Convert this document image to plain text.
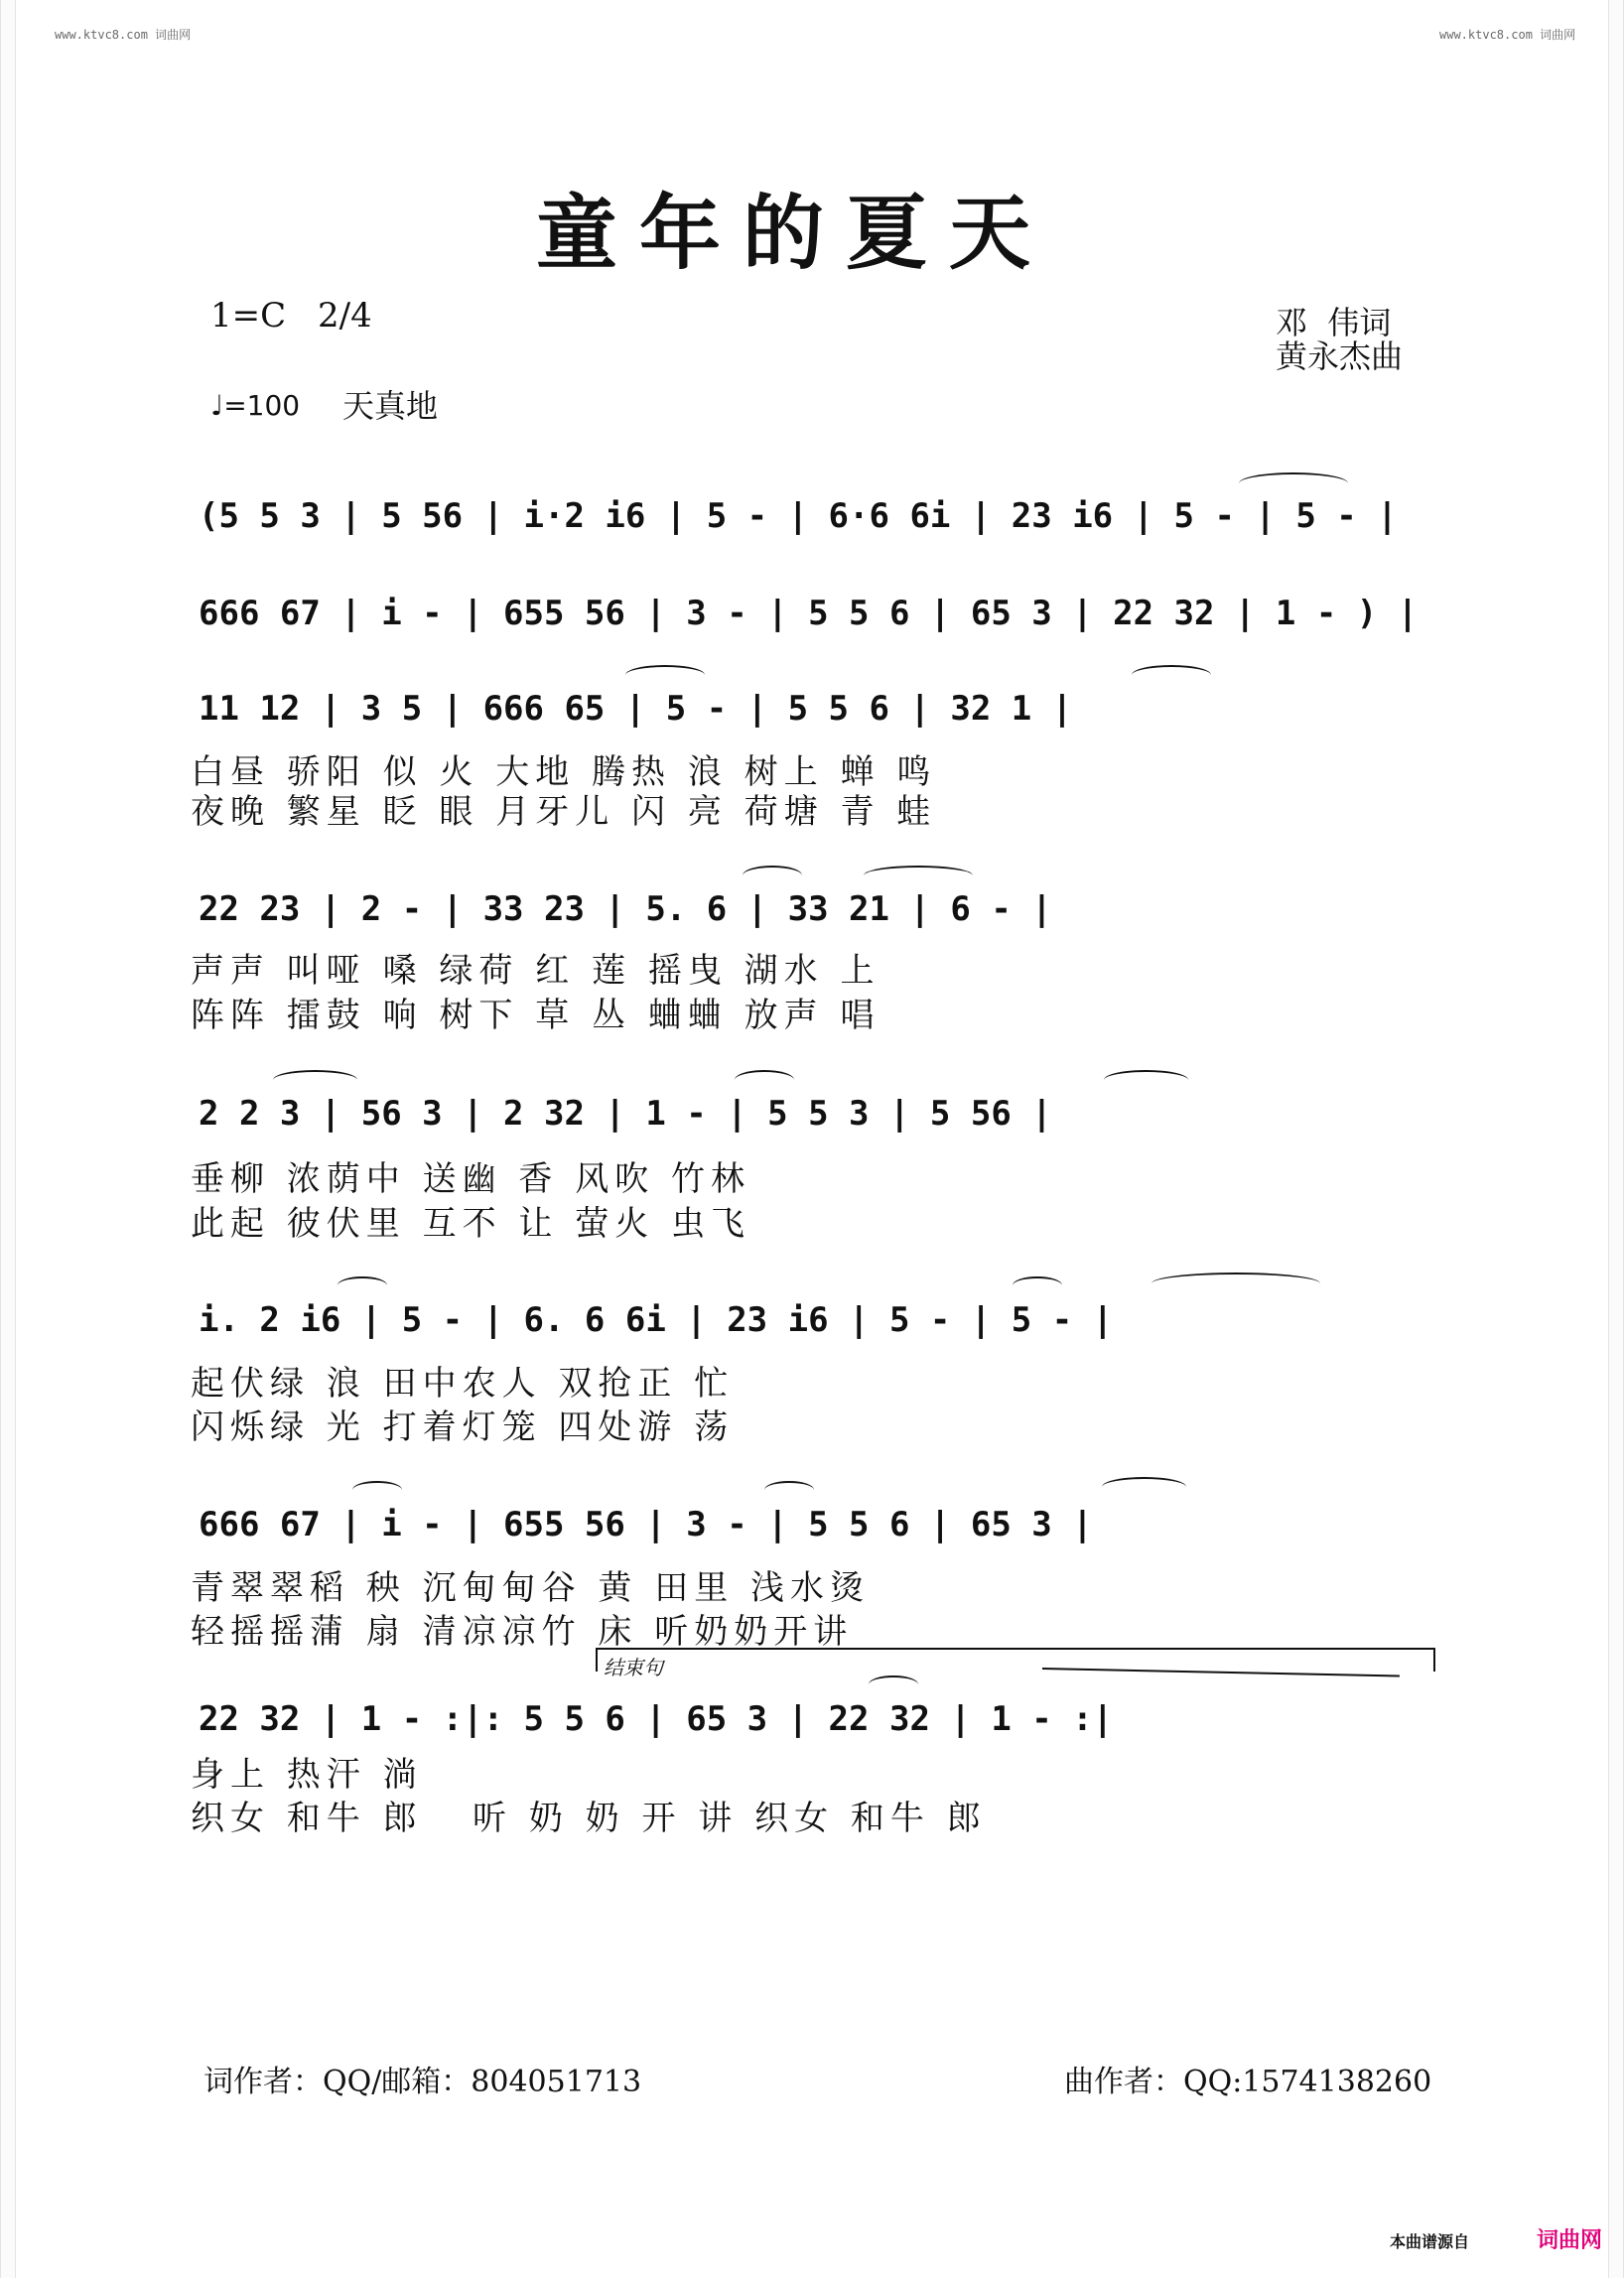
www.ktvc8.com 词曲网	www.ktvc8.com 词曲网
童年的夏天
1=C 2/4
♩=100 天真地
邓  伟词
黄永杰曲
(5 5 3 | 5 56 | i·2 i6 | 5 - | 6·6 6i | 23 i6 | 5 - | 5 - |
666 67 | i - | 655 56 | 3 - | 5 5 6 | 65 3 | 22 32 | 1 - ) |
11 12 | 3 5 | 666 65 | 5 - | 5 5 6 | 32 1 |
白昼 骄阳 似 火 大地 腾热 浪 树上 蝉 鸣
夜晚 繁星 眨 眼 月牙儿 闪 亮 荷塘 青 蛙
22 23 | 2 - | 33 23 | 5. 6 | 33 21 | 6 - |
声声 叫哑 嗓 绿荷 红 莲 摇曳 湖水 上
阵阵 擂鼓 响 树下 草 丛 蛐蛐 放声 唱
2 2 3 | 56 3 | 2 32 | 1 - | 5 5 3 | 5 56 |
垂柳 浓荫中 送幽 香 风吹 竹林
此起 彼伏里 互不 让 萤火 虫飞
i. 2 i6 | 5 - | 6. 6 6i | 23 i6 | 5 - | 5 - |
起伏绿 浪 田中农人 双抢正 忙
闪烁绿 光 打着灯笼 四处游 荡
666 67 | i - | 655 56 | 3 - | 5 5 6 | 65 3 |
青翠翠稻 秧 沉甸甸谷 黄 田里 浅水烫
轻摇摇蒲 扇 清凉凉竹 床 听奶奶开讲
结束句
22 32 | 1 - :|: 5 5 6 | 65 3 | 22 32 | 1 - :|
身上 热汗 淌
织女 和牛 郎   听 奶 奶 开 讲 织女 和牛 郎
词作者：QQ/邮箱：804051713	曲作者：QQ:1574138260
本曲谱源自	词曲网
